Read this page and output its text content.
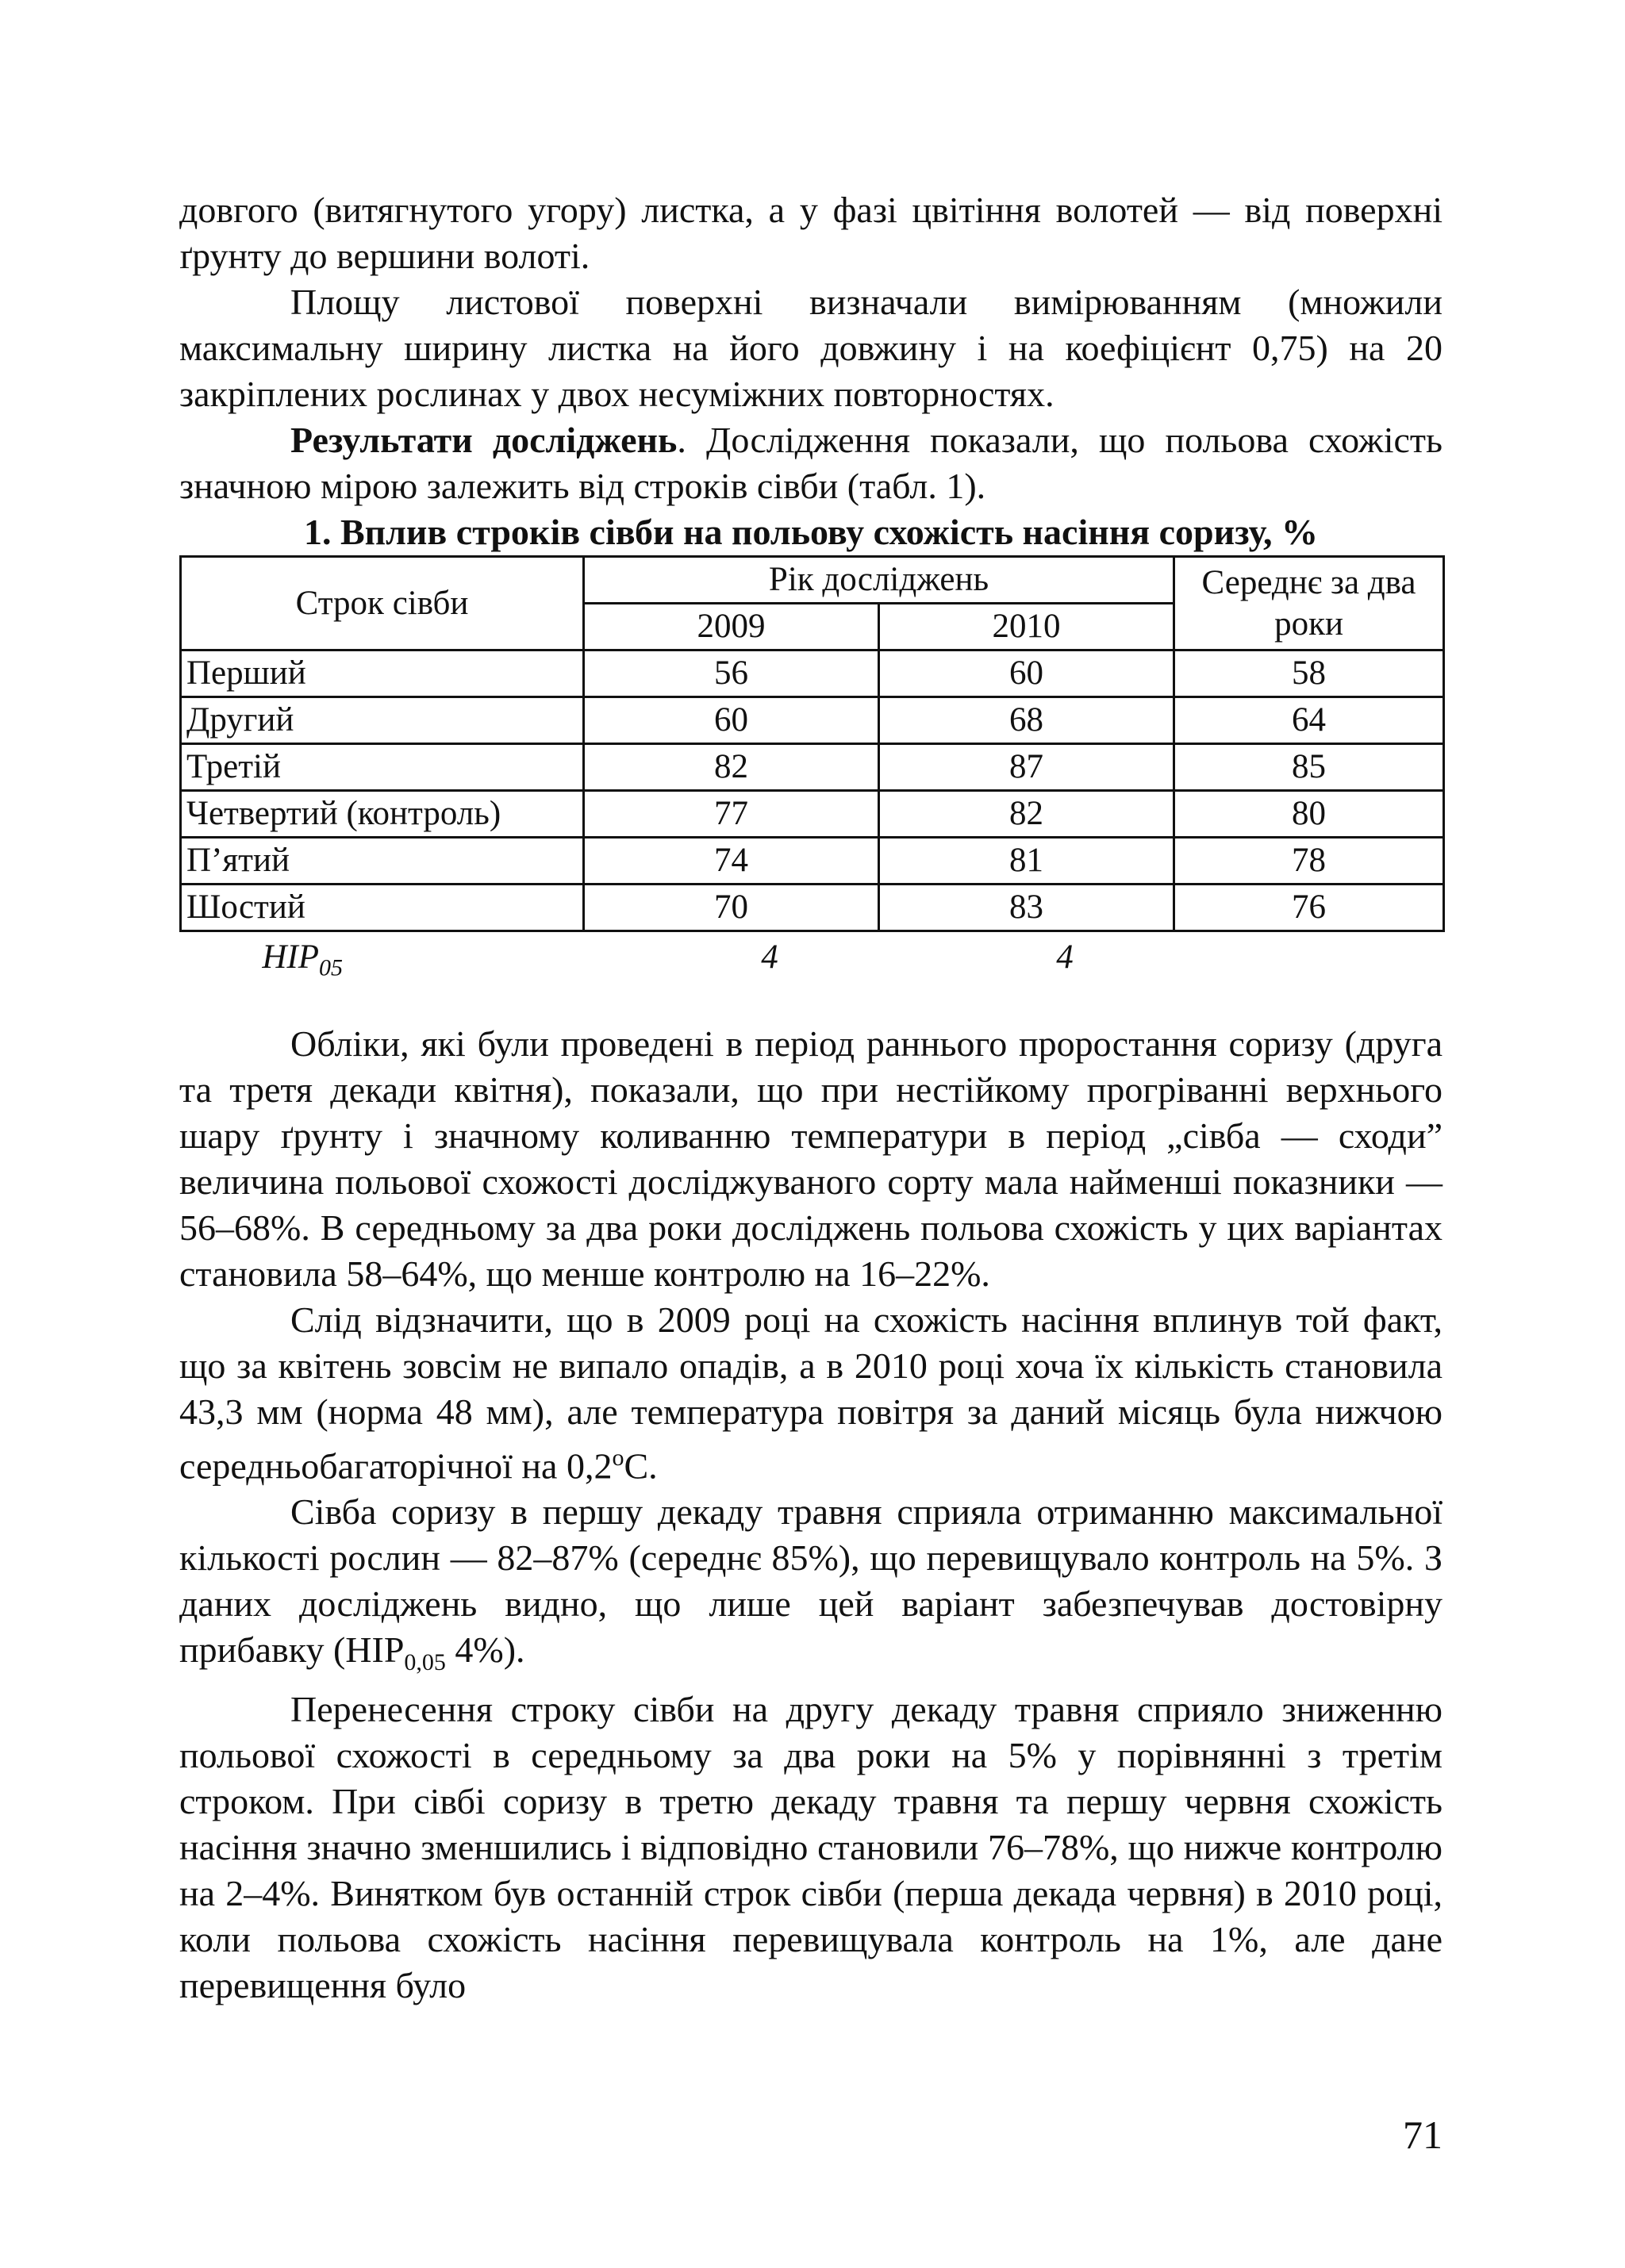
довгого (витягнутого угору) листка, а у фазі цвітіння волотей — від поверхні ґрунту до вершини волоті.

Площу листової поверхні визначали вимірюванням (множили максимальну ширину листка на його довжину і на коефіцієнт 0,75) на 20 закріплених рослинах у двох несуміжних повторностях.

Результати досліджень. Дослідження показали, що польова схожість значною мірою залежить від строків сівби (табл. 1).

1. Вплив строків сівби на польову схожість насіння соризу, %
Строк сівби	Рік досліджень		Середнє за два роки
	2009	2010	
Перший	56	60	58
Другий	60	68	64
Третій	82	87	85
Четвертий (контроль)	77	82	80
П’ятий	74	81	78
Шостий	70	83	76
$НІР_{05}$	4	4

Обліки, які були проведені в період раннього проростання соризу (друга та третя декади квітня), показали, що при нестійкому прогріванні верхнього шару ґрунту і значному коливанню температури в період „сівба — сходи” величина польової схожості досліджуваного сорту мала найменші показники — 56–68%. В середньому за два роки досліджень польова схожість у цих варіантах становила 58–64%, що менше контролю на 16–22%.

Слід відзначити, що в 2009 році на схожість насіння вплинув той факт, що за квітень зовсім не випало опадів, а в 2010 році хоча їх кількість становила 43,3 мм (норма 48 мм), але температура повітря за даний місяць була нижчою середньобагаторічної на $0,2^оС$.

Сівба соризу в першу декаду травня сприяла отриманню максимальної кількості рослин — 82–87% (середнє 85%), що перевищувало контроль на 5%. З даних досліджень видно, що лише цей варіант забезпечував достовірну прибавку ($НІР_{0,05}$ 4%).

Перенесення строку сівби на другу декаду травня сприяло зниженню польової схожості в середньому за два роки на 5% у порівнянні з третім строком. При сівбі соризу в третю декаду травня та першу червня схожість насіння значно зменшились і відповідно становили 76–78%, що нижче контролю на 2–4%. Винятком був останній строк сівби (перша декада червня) в 2010 році, коли польова схожість насіння перевищувала контроль на 1%, але дане перевищення було

71
